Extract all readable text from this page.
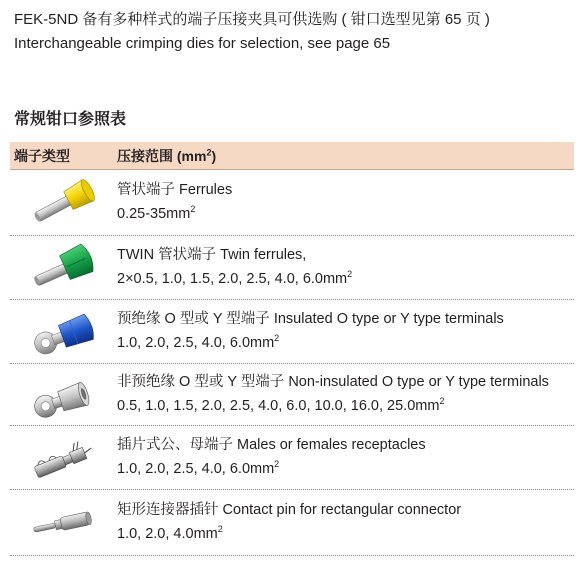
FEK-5ND 备有多种样式的端子压接夹具可供选购 ( 钳口选型见第 65 页 )
Interchangeable crimping dies for selection, see page 65
常规钳口参照表
端子类型	压接范围 $(mm^2)$
管状端子 Ferrules
$0.25-35mm^2$
TWIN 管状端子 Twin ferrules,
2×0.5, 1.0, 1.5, 2.0, 2.5, 4.0, $6.0mm^2$
预绝缘 O 型或 Y 型端子 Insulated O type or Y type terminals
1.0, 2.0, 2.5, 4.0, $6.0mm^2$
非预绝缘 O 型或 Y 型端子 Non-insulated O type or Y type terminals
0.5, 1.0, 1.5, 2.0, 2.5, 4.0, 6.0, 10.0, 16.0, $25.0mm^2$
插片式公、母端子 Males or females receptacles
1.0, 2.0, 2.5, 4.0, $6.0mm^2$
矩形连接器插针 Contact pin for rectangular connector
1.0, 2.0, $4.0mm^2$
